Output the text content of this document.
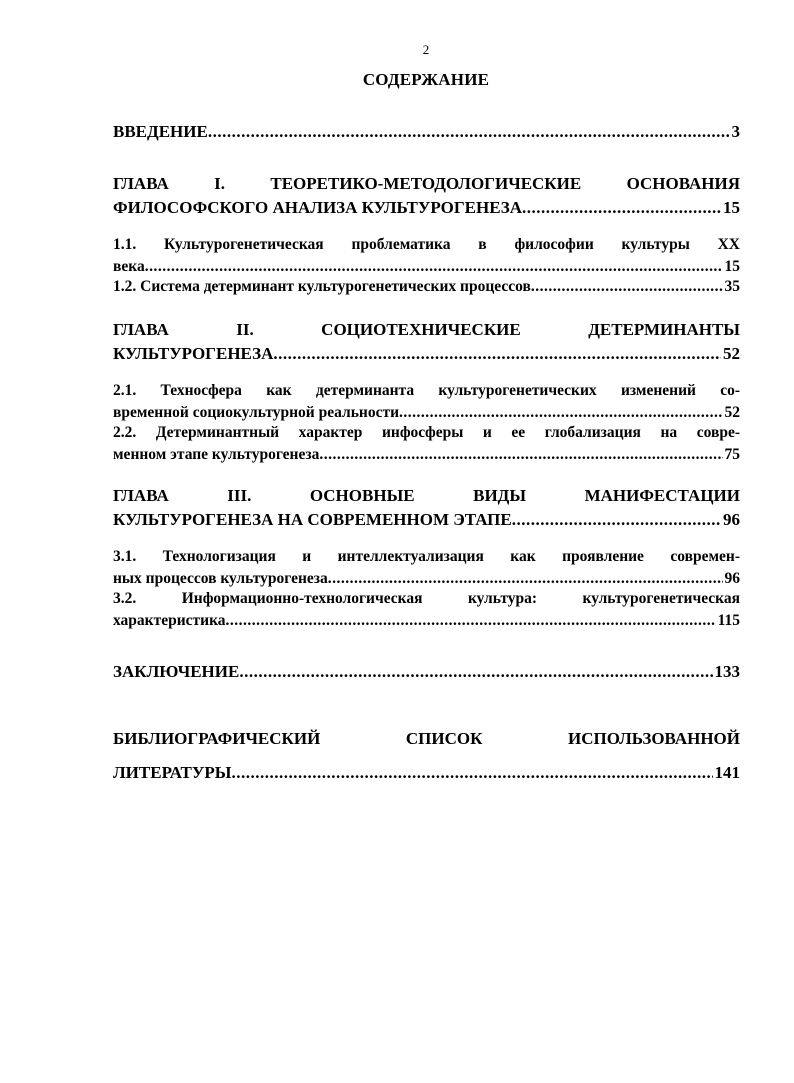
2
СОДЕРЖАНИЕ
ВВЕДЕНИЕ .....	3
ГЛАВА I. ТЕОРЕТИКО-МЕТОДОЛОГИЧЕСКИЕ ОСНОВАНИЯ
ФИЛОСОФСКОГО АНАЛИЗА КУЛЬТУРОГЕНЕЗА .....	15
1.1. Культурогенетическая проблематика в философии культуры XX
века .....	15
1.2. Система детерминант культурогенетических процессов .....	35
ГЛАВА II. СОЦИОТЕХНИЧЕСКИЕ ДЕТЕРМИНАНТЫ
КУЛЬТУРОГЕНЕЗА .....	52
2.1. Техносфера как детерминанта культурогенетических изменений со-
временной социокультурной реальности .....	52
2.2. Детерминантный характер инфосферы и ее глобализация на совре-
менном этапе культурогенеза .....	75
ГЛАВА III. ОСНОВНЫЕ ВИДЫ МАНИФЕСТАЦИИ
КУЛЬТУРОГЕНЕЗА НА СОВРЕМЕННОМ ЭТАПЕ .....	96
3.1. Технологизация и интеллектуализация как проявление современ-
ных процессов культурогенеза .....	96
3.2. Информационно-технологическая культура: культурогенетическая
характеристика .....	115
ЗАКЛЮЧЕНИЕ .....	133
БИБЛИОГРАФИЧЕСКИЙ СПИСОК ИСПОЛЬЗОВАННОЙ
ЛИТЕРАТУРЫ .....	141
